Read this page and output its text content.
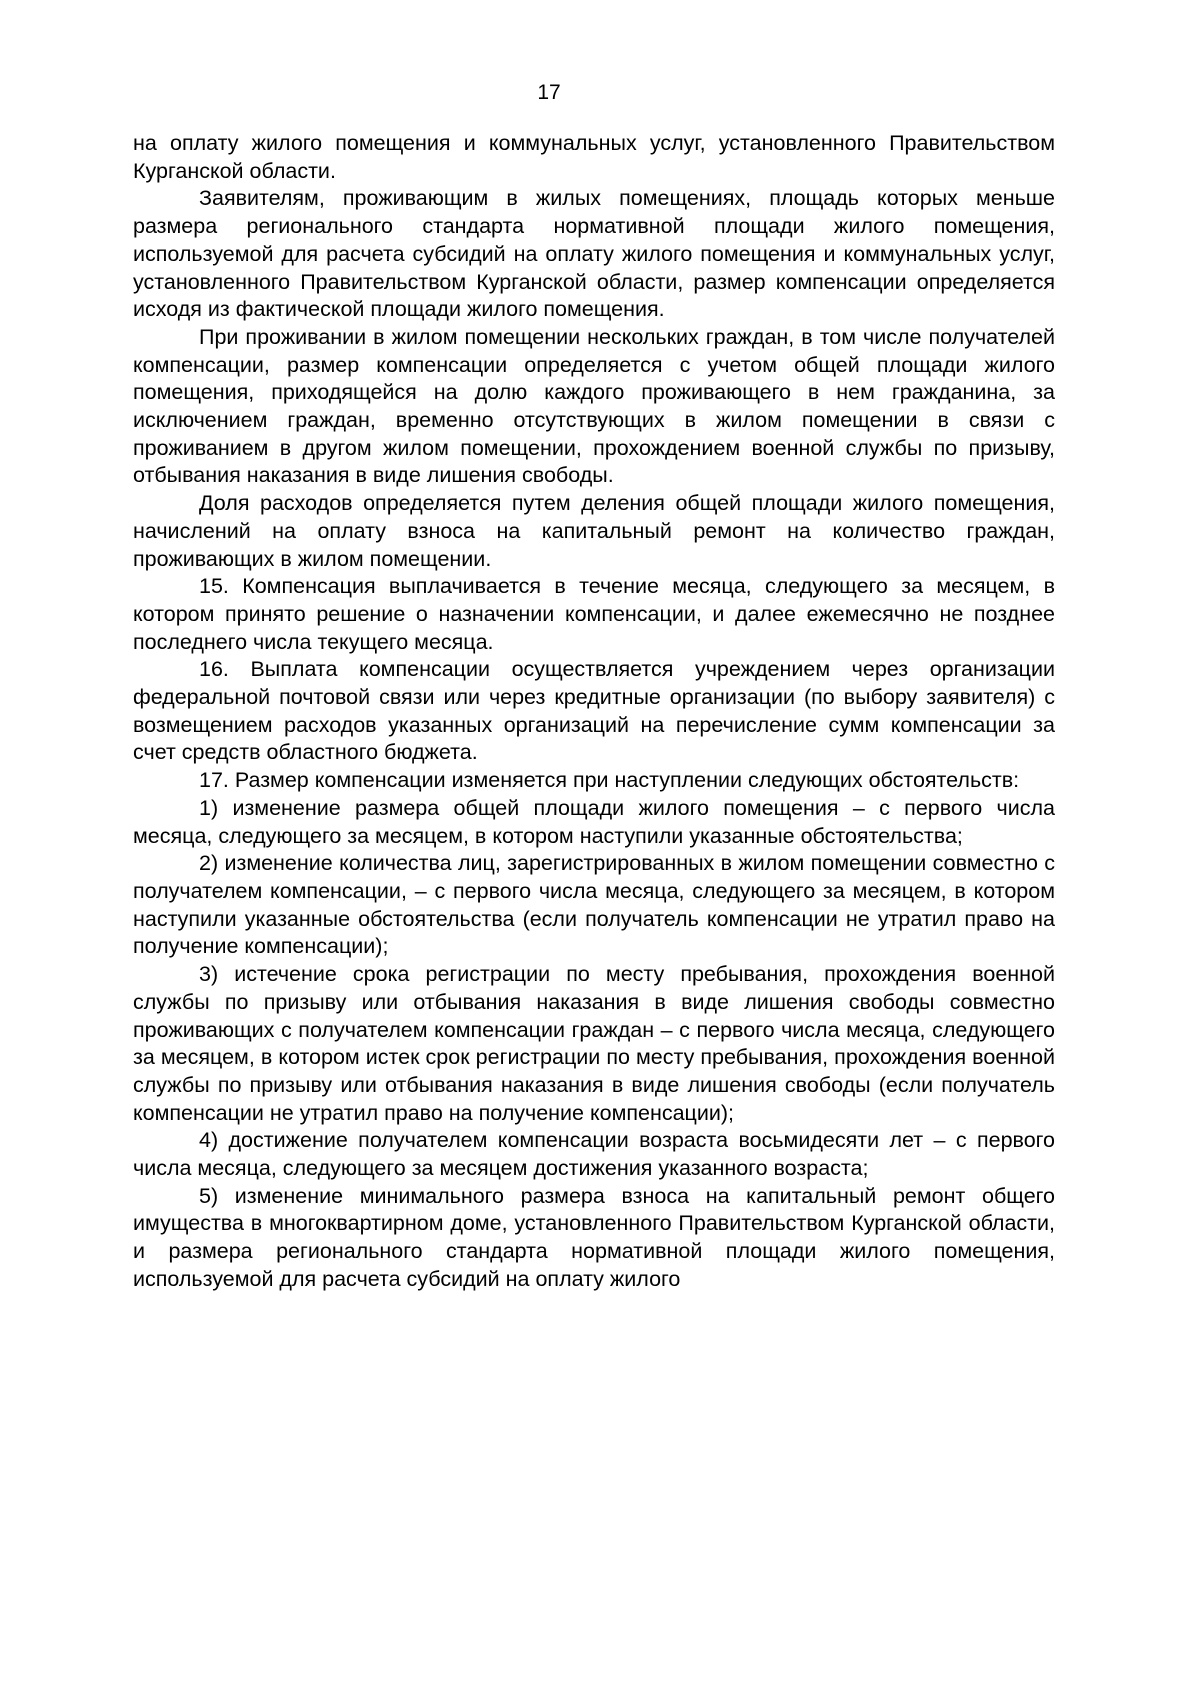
17

на оплату жилого помещения и коммунальных услуг, установленного Правительством Курганской области.

Заявителям, проживающим в жилых помещениях, площадь которых меньше размера регионального стандарта нормативной площади жилого помещения, используемой для расчета субсидий на оплату жилого помещения и коммунальных услуг, установленного Правительством Курганской области, размер компенсации определяется исходя из фактической площади жилого помещения.

При проживании в жилом помещении нескольких граждан, в том числе получателей компенсации, размер компенсации определяется с учетом общей площади жилого помещения, приходящейся на долю каждого проживающего в нем гражданина, за исключением граждан, временно отсутствующих в жилом помещении в связи с проживанием в другом жилом помещении, прохождением военной службы по призыву, отбывания наказания в виде лишения свободы.

Доля расходов определяется путем деления общей площади жилого помещения, начислений на оплату взноса на капитальный ремонт на количество граждан, проживающих в жилом помещении.

15. Компенсация выплачивается в течение месяца, следующего за месяцем, в котором принято решение о назначении компенсации, и далее ежемесячно не позднее последнего числа текущего месяца.

16. Выплата компенсации осуществляется учреждением через организации федеральной почтовой связи или через кредитные организации (по выбору заявителя) с возмещением расходов указанных организаций на перечисление сумм компенсации за счет средств областного бюджета.

17. Размер компенсации изменяется при наступлении следующих обстоятельств:

1) изменение размера общей площади жилого помещения – с первого числа месяца, следующего за месяцем, в котором наступили указанные обстоятельства;

2) изменение количества лиц, зарегистрированных в жилом помещении совместно с получателем компенсации, – с первого числа месяца, следующего за месяцем, в котором наступили указанные обстоятельства (если получатель компенсации не утратил право на получение компенсации);

3) истечение срока регистрации по месту пребывания, прохождения военной службы по призыву или отбывания наказания в виде лишения свободы совместно проживающих с получателем компенсации граждан – с первого числа месяца, следующего за месяцем, в котором истек срок регистрации по месту пребывания, прохождения военной службы по призыву или отбывания наказания в виде лишения свободы (если получатель компенсации не утратил право на получение компенсации);

4) достижение получателем компенсации возраста восьмидесяти лет – с первого числа месяца, следующего за месяцем достижения указанного возраста;

5) изменение минимального размера взноса на капитальный ремонт общего имущества в многоквартирном доме, установленного Правительством Курганской области, и размера регионального стандарта нормативной площади жилого помещения, используемой для расчета субсидий на оплату жилого
